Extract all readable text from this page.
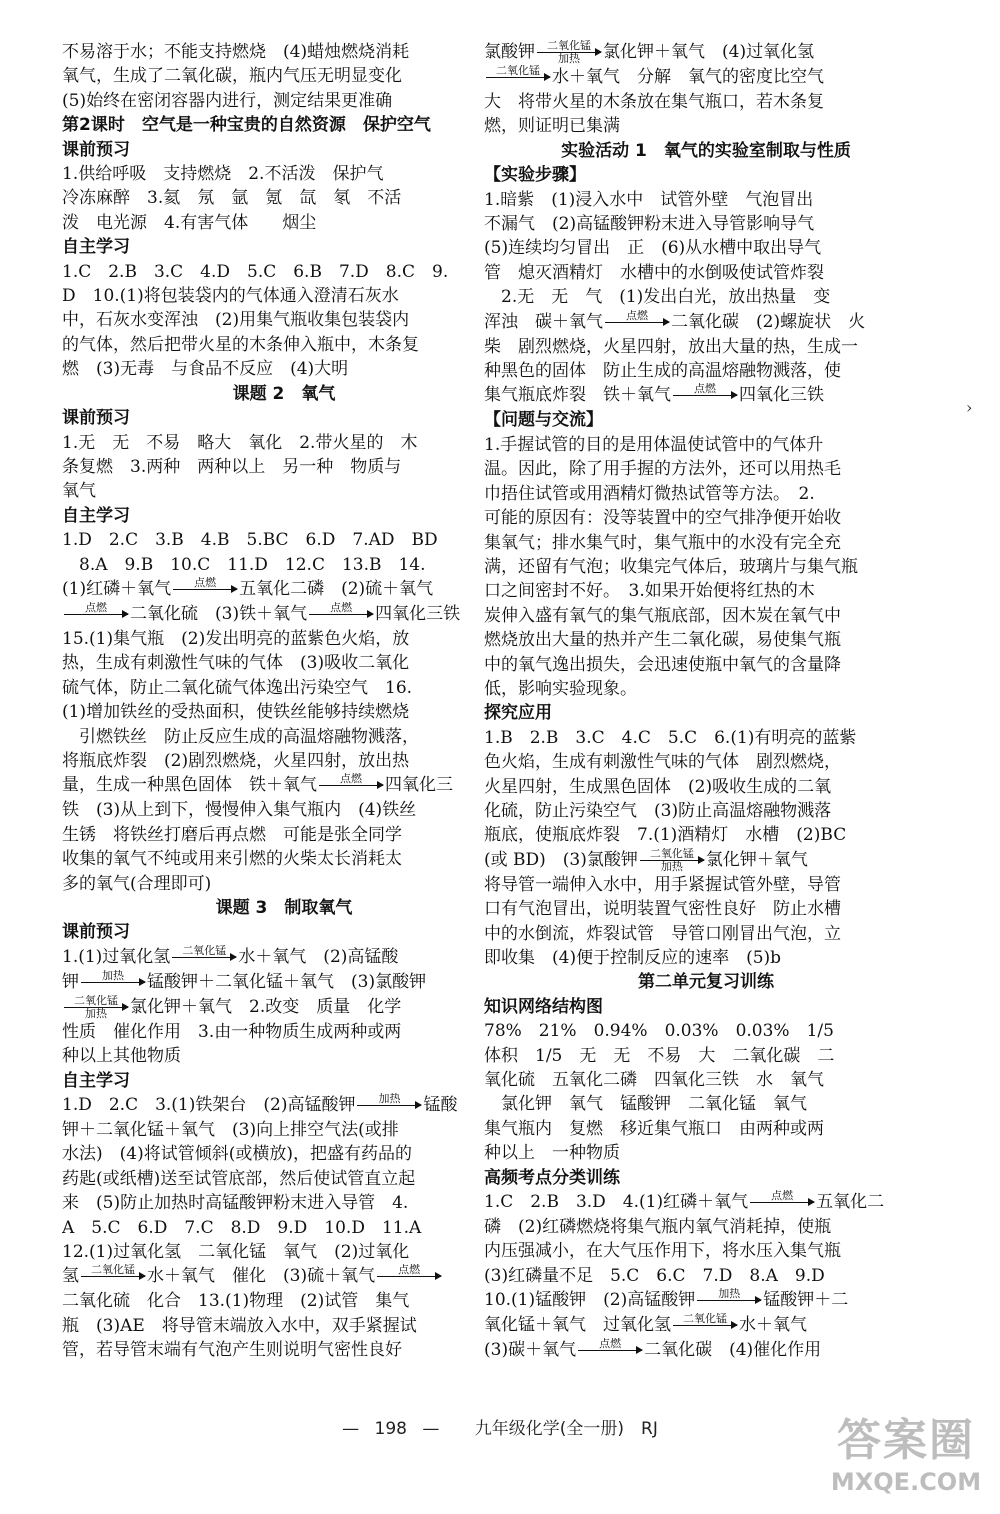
不易溶于水；不能支持燃烧　(4)蜡烛燃烧消耗
氧气，生成了二氧化碳，瓶内气压无明显变化
(5)始终在密闭容器内进行，测定结果更准确
第2课时　空气是一种宝贵的自然资源　保护空气
课前预习
1.供给呼吸　支持燃烧　2.不活泼　保护气
冷冻麻醉　3.氦　氖　氩　氪　氙　氡　不活
泼　电光源　4.有害气体　　烟尘
自主学习
1.C　2.B　3.C　4.D　5.C　6.B　7.D　8.C　9.
D　10.(1)将包装袋内的气体通入澄清石灰水
中，石灰水变浑浊　(2)用集气瓶收集包装袋内
的气体，然后把带火星的木条伸入瓶中，木条复
燃　(3)无毒　与食品不反应　(4)大明
课题 2　氧气
课前预习
1.无　无　不易　略大　氧化　2.带火星的　木
条复燃　3.两种　两种以上　另一种　物质与
氧气
自主学习
1.D　2.C　3.B　4.B　5.BC　6.D　7.AD　BD
　8.A　9.B　10.C　11.D　12.C　13.B　14.
(1)红磷＋氧气 点燃 五氧化二磷　(2)硫＋氧气
点燃 二氧化硫　(3)铁＋氧气 点燃 四氧化三铁
15.(1)集气瓶　(2)发出明亮的蓝紫色火焰，放
热，生成有刺激性气味的气体　(3)吸收二氧化
硫气体，防止二氧化硫气体逸出污染空气　16.
(1)增加铁丝的受热面积，使铁丝能够持续燃烧
　引燃铁丝　防止反应生成的高温熔融物溅落，
将瓶底炸裂　(2)剧烈燃烧，火星四射，放出热
量，生成一种黑色固体　铁＋氧气 点燃 四氧化三
铁　(3)从上到下，慢慢伸入集气瓶内　(4)铁丝
生锈　将铁丝打磨后再点燃　可能是张全同学
收集的氧气不纯或用来引燃的火柴太长消耗太
多的氧气(合理即可)
课题 3　制取氧气
课前预习
1.(1)过氧化氢 二氧化锰 水＋氧气　(2)高锰酸
钾 加热 锰酸钾＋二氧化锰＋氧气　(3)氯酸钾
二氧化锰
加热 氯化钾＋氧气　2.改变　质量　化学
性质　催化作用　3.由一种物质生成两种或两
种以上其他物质
自主学习
1.D　2.C　3.(1)铁架台　(2)高锰酸钾 加热 锰酸
钾＋二氧化锰＋氧气　(3)向上排空气法(或排
水法)　(4)将试管倾斜(或横放)，把盛有药品的
药匙(或纸槽)送至试管底部，然后使试管直立起
来　(5)防止加热时高锰酸钾粉末进入导管　4.
A　5.C　6.D　7.C　8.D　9.D　10.D　11.A
12.(1)过氧化氢　二氧化锰　氧气　(2)过氧化
氢 二氧化锰 水＋氧气　催化　(3)硫＋氧气 点燃
二氧化硫　化合　13.(1)物理　(2)试管　集气
瓶　(3)AE　将导管末端放入水中，双手紧握试
管，若导管末端有气泡产生则说明气密性良好
氯酸钾 二氧化锰
加热 氯化钾＋氧气　(4)过氧化氢
二氧化锰 水＋氧气　分解　氧气的密度比空气
大　将带火星的木条放在集气瓶口，若木条复
燃，则证明已集满
实验活动 1　氧气的实验室制取与性质
【实验步骤】
1.暗紫　(1)浸入水中　试管外壁　气泡冒出
不漏气　(2)高锰酸钾粉末进入导管影响导气
(5)连续均匀冒出　正　(6)从水槽中取出导气
管　熄灭酒精灯　水槽中的水倒吸使试管炸裂
　2.无　无　气　(1)发出白光，放出热量　变
浑浊　碳＋氧气 点燃 二氧化碳　(2)螺旋状　火
柴　剧烈燃烧，火星四射，放出大量的热，生成一
种黑色的固体　防止生成的高温熔融物溅落，使
集气瓶底炸裂　铁＋氧气 点燃 四氧化三铁
【问题与交流】
1.手握试管的目的是用体温使试管中的气体升
温。因此，除了用手握的方法外，还可以用热毛
巾捂住试管或用酒精灯微热试管等方法。　2.
可能的原因有：没等装置中的空气排净便开始收
集氧气；排水集气时，集气瓶中的水没有完全充
满，还留有气泡；收集完气体后，玻璃片与集气瓶
口之间密封不好。　3.如果开始便将红热的木
炭伸入盛有氧气的集气瓶底部，因木炭在氧气中
燃烧放出大量的热并产生二氧化碳，易使集气瓶
中的氧气逸出损失，会迅速使瓶中氧气的含量降
低，影响实验现象。
探究应用
1.B　2.B　3.C　4.C　5.C　6.(1)有明亮的蓝紫
色火焰，生成有刺激性气味的气体　剧烈燃烧，
火星四射，生成黑色固体　(2)吸收生成的二氧
化硫，防止污染空气　(3)防止高温熔融物溅落
瓶底，使瓶底炸裂　7.(1)酒精灯　水槽　(2)BC
(或 BD)　(3)氯酸钾 二氧化锰
加热 氯化钾＋氧气
将导管一端伸入水中，用手紧握试管外壁，导管
口有气泡冒出，说明装置气密性良好　防止水槽
中的水倒流，炸裂试管　导管口刚冒出气泡，立
即收集　(4)便于控制反应的速率　(5)b
第二单元复习训练
知识网络结构图
78%　21%　0.94%　0.03%　0.03%　1/5
体积　1/5　无　无　不易　大　二氧化碳　二
氧化硫　五氧化二磷　四氧化三铁　水　氧气
　氯化钾　氧气　锰酸钾　二氧化锰　氧气
集气瓶内　复燃　移近集气瓶口　由两种或两
种以上　一种物质
高频考点分类训练
1.C　2.B　3.D　4.(1)红磷＋氧气 点燃 五氧化二
磷　(2)红磷燃烧将集气瓶内氧气消耗掉，使瓶
内压强减小，在大气压作用下，将水压入集气瓶
(3)红磷量不足　5.C　6.C　7.D　8.A　9.D
10.(1)锰酸钾　(2)高锰酸钾 加热 锰酸钾＋二
氧化锰＋氧气　过氧化氢 二氧化锰 水＋氧气
(3)碳＋氧气 点燃 二氧化碳　(4)催化作用
›
— 198 — 九年级化学(全一册)　RJ	答案圈
MXQE.COM
